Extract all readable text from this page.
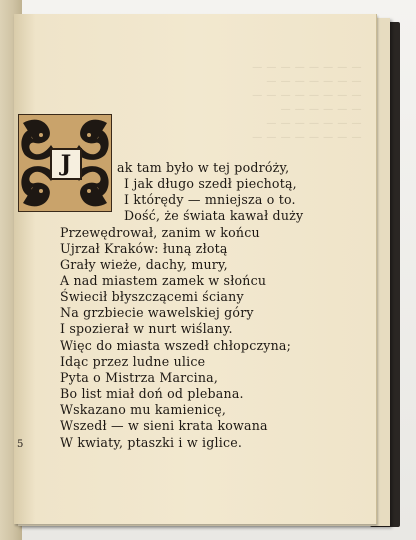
— — — — — — — —
— — — — — — —
— — — — — — — —
— — — — — —
— — — — — — —
— — — — — — — —
J	ak tam było w tej podróży,
I jak długo szedł piechotą,
I którędy — mniejsza o to.
Dość, że świata kawał duży
Przewędrował, zanim w końcu
Ujrzał Kraków: łuną złotą
Grały wieże, dachy, mury,
A nad miastem zamek w słońcu
Świecił błyszczącemi ściany
Na grzbiecie wawelskiej góry
I spozierał w nurt wiślany.
Więc do miasta wszedł chłopczyna;
Idąc przez ludne ulice
Pyta o Mistrza Marcina,
Bo list miał doń od plebana.
Wskazano mu kamienicę,
Wszedł — w sieni krata kowana
W kwiaty, ptaszki i w iglice.
5
